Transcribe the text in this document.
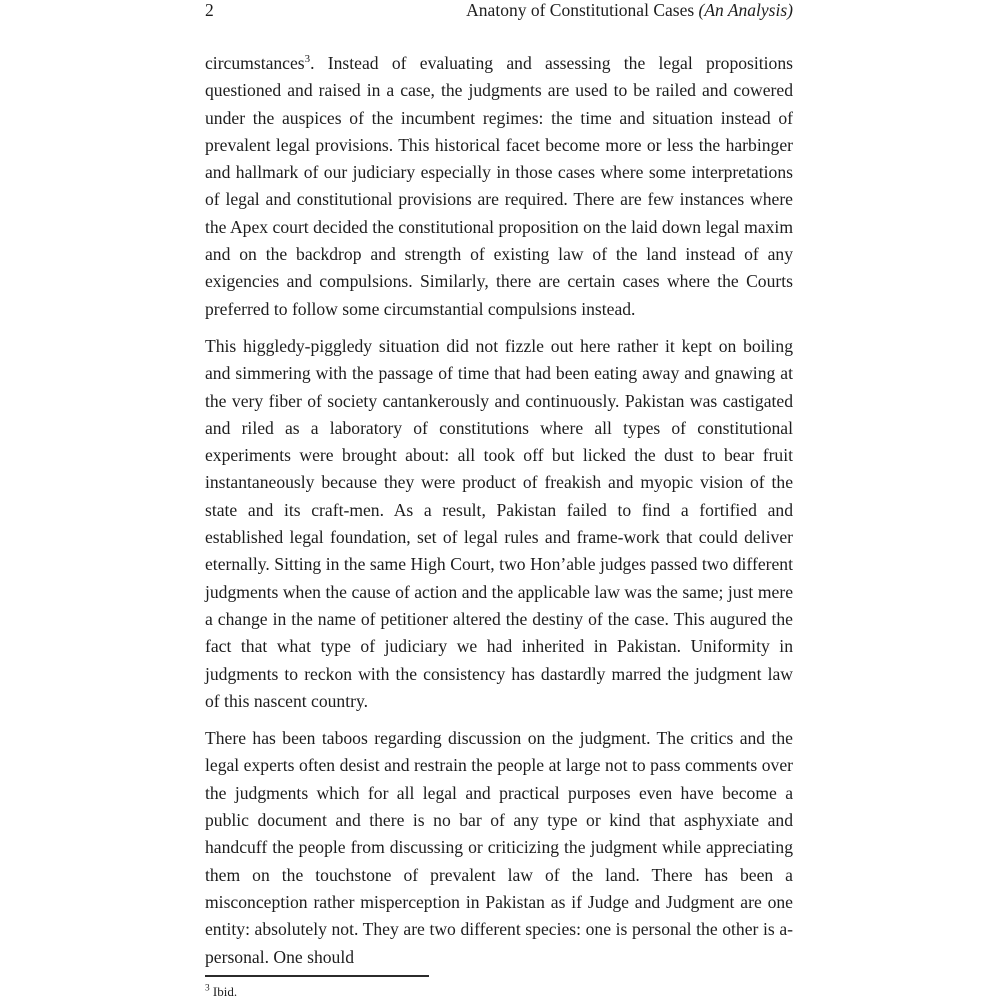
2	Anatony of Constitutional Cases (An Analysis)

circumstances$^3$. Instead of evaluating and assessing the legal propositions questioned and raised in a case, the judgments are used to be railed and cowered under the auspices of the incumbent regimes: the time and situation instead of prevalent legal provisions. This historical facet become more or less the harbinger and hallmark of our judiciary especially in those cases where some interpretations of legal and constitutional provisions are required. There are few instances where the Apex court decided the constitutional proposition on the laid down legal maxim and on the backdrop and strength of existing law of the land instead of any exigencies and compulsions. Similarly, there are certain cases where the Courts preferred to follow some circumstantial compulsions instead.

This higgledy-piggledy situation did not fizzle out here rather it kept on boiling and simmering with the passage of time that had been eating away and gnawing at the very fiber of society cantankerously and continuously. Pakistan was castigated and riled as a laboratory of constitutions where all types of constitutional experiments were brought about: all took off but licked the dust to bear fruit instantaneously because they were product of freakish and myopic vision of the state and its craft-men. As a result, Pakistan failed to find a fortified and established legal foundation, set of legal rules and frame-work that could deliver eternally. Sitting in the same High Court, two Hon’able judges passed two different judgments when the cause of action and the applicable law was the same; just mere a change in the name of petitioner altered the destiny of the case. This augured the fact that what type of judiciary we had inherited in Pakistan. Uniformity in judgments to reckon with the consistency has dastardly marred the judgment law of this nascent country.

There has been taboos regarding discussion on the judgment. The critics and the legal experts often desist and restrain the people at large not to pass comments over the judgments which for all legal and practical purposes even have become a public document and there is no bar of any type or kind that asphyxiate and handcuff the people from discussing or criticizing the judgment while appreciating them on the touchstone of prevalent law of the land. There has been a misconception rather misperception in Pakistan as if Judge and Judgment are one entity: absolutely not. They are two different species: one is personal the other is a-personal. One should

$^3$ Ibid.
